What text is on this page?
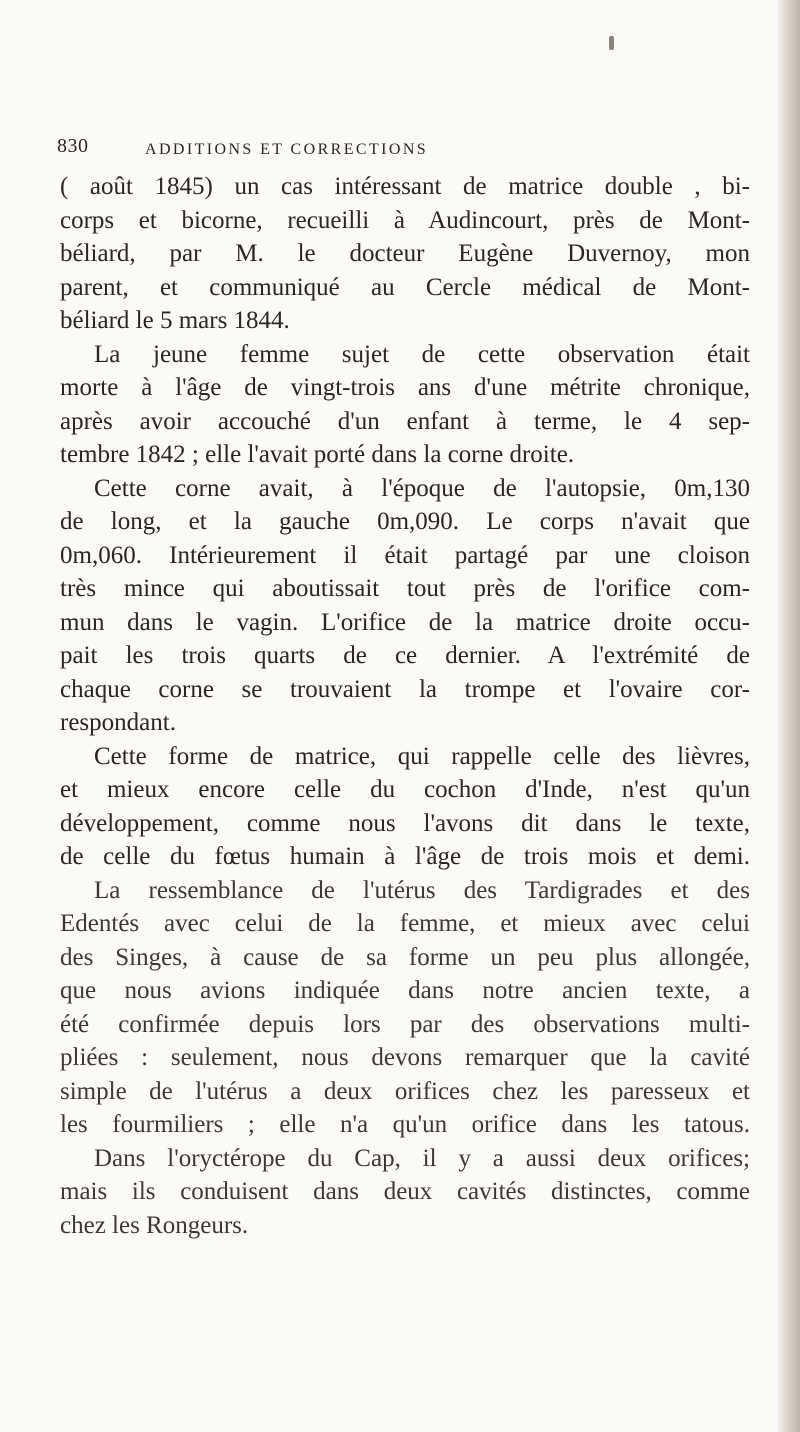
830	ADDITIONS ET CORRECTIONS
( août 1845) un cas intéressant de matrice double , bi-
corps et bicorne, recueilli à Audincourt, près de Mont-
béliard, par M. le docteur Eugène Duvernoy, mon
parent, et communiqué au Cercle médical de Mont-
béliard le 5 mars 1844.
La jeune femme sujet de cette observation était
morte à l'âge de vingt-trois ans d'une métrite chronique,
après avoir accouché d'un enfant à terme, le 4 sep-
tembre 1842 ; elle l'avait porté dans la corne droite.
Cette corne avait, à l'époque de l'autopsie, 0m,130
de long, et la gauche 0m,090. Le corps n'avait que
0m,060. Intérieurement il était partagé par une cloison
très mince qui aboutissait tout près de l'orifice com-
mun dans le vagin. L'orifice de la matrice droite occu-
pait les trois quarts de ce dernier. A l'extrémité de
chaque corne se trouvaient la trompe et l'ovaire cor-
respondant.
Cette forme de matrice, qui rappelle celle des lièvres,
et mieux encore celle du cochon d'Inde, n'est qu'un
développement, comme nous l'avons dit dans le texte,
de celle du fœtus humain à l'âge de trois mois et demi.
La ressemblance de l'utérus des Tardigrades et des
Edentés avec celui de la femme, et mieux avec celui
des Singes, à cause de sa forme un peu plus allongée,
que nous avions indiquée dans notre ancien texte, a
été confirmée depuis lors par des observations multi-
pliées : seulement, nous devons remarquer que la cavité
simple de l'utérus a deux orifices chez les paresseux et
les fourmiliers ; elle n'a qu'un orifice dans les tatous.
Dans l'oryctérope du Cap, il y a aussi deux orifices;
mais ils conduisent dans deux cavités distinctes, comme
chez les Rongeurs.
